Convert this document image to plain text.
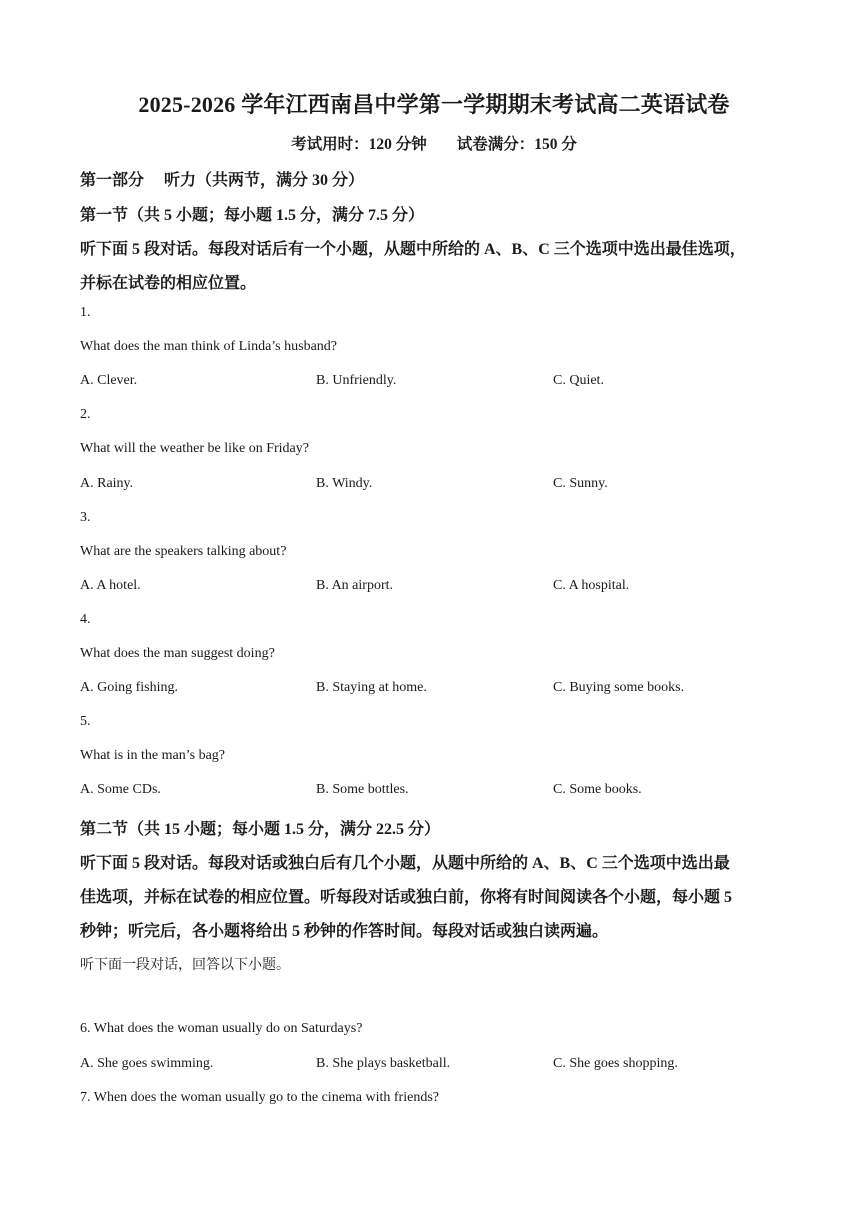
2025-2026 学年江西南昌中学第一学期期末考试高二英语试卷
考试用时：120 分钟 试卷满分：150 分
第一部分　 听力（共两节，满分 30 分）
第一节（共 5 小题；每小题 1.5 分，满分 7.5 分）
听下面 5 段对话。每段对话后有一个小题，从题中所给的 A、B、C 三个选项中选出最佳选项，
并标在试卷的相应位置。
1.
What does the man think of Linda’s husband?
A. Clever.	B. Unfriendly.	C. Quiet.
2.
What will the weather be like on Friday?
A. Rainy.	B. Windy.	C. Sunny.
3.
What are the speakers talking about?
A. A hotel.	B. An airport.	C. A hospital.
4.
What does the man suggest doing?
A. Going fishing.	B. Staying at home.	C. Buying some books.
5.
What is in the man’s bag?
A. Some CDs.	B. Some bottles.	C. Some books.
第二节（共 15 小题；每小题 1.5 分，满分 22.5 分）
听下面 5 段对话。每段对话或独白后有几个小题，从题中所给的 A、B、C 三个选项中选出最
佳选项，并标在试卷的相应位置。听每段对话或独白前，你将有时间阅读各个小题，每小题 5
秒钟；听完后，各小题将给出 5 秒钟的作答时间。每段对话或独白读两遍。
听下面一段对话，回答以下小题。
6. What does the woman usually do on Saturdays?
A. She goes swimming.	B. She plays basketball.	C. She goes shopping.
7. When does the woman usually go to the cinema with friends?
